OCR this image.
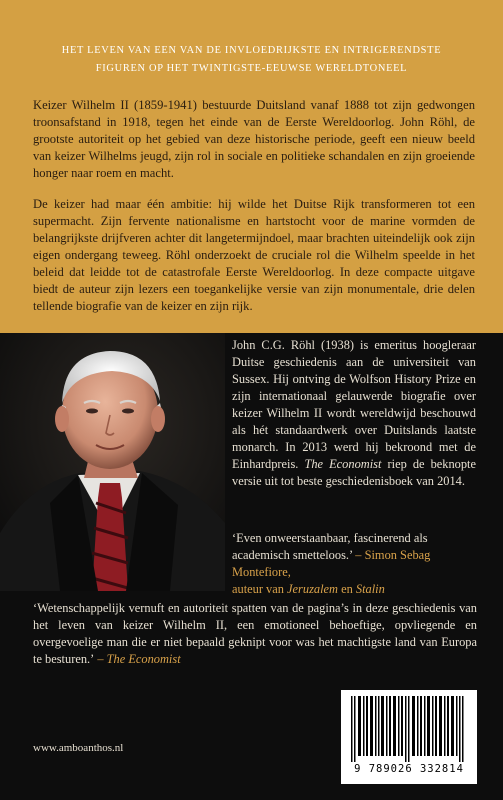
HET LEVEN VAN EEN VAN DE INVLOEDRIJKSTE EN INTRIGERENDSTE
FIGUREN OP HET TWINTIGSTE-EEUWSE WERELDTONEEL
Keizer Wilhelm II (1859-1941) bestuurde Duitsland vanaf 1888 tot zijn gedwongen troonsafstand in 1918, tegen het einde van de Eerste Wereldoorlog. John Röhl, de grootste autoriteit op het gebied van deze historische periode, geeft een nieuw beeld van keizer Wilhelms jeugd, zijn rol in sociale en politieke schandalen en zijn groeiende honger naar roem en macht.
De keizer had maar één ambitie: hij wilde het Duitse Rijk transformeren tot een supermacht. Zijn fervente nationalisme en hartstocht voor de marine vormden de belangrijkste drijfveren achter dit langetermijndoel, maar brachten uiteindelijk ook zijn eigen ondergang teweeg. Röhl onderzoekt de cruciale rol die Wilhelm speelde in het beleid dat leidde tot de catastrofale Eerste Wereldoorlog. In deze compacte uitgave biedt de auteur zijn lezers een toegankelijke versie van zijn monumentale, drie delen tellende biografie van de keizer en zijn rijk.
John C.G. Röhl (1938) is emeritus hoogleraar Duitse geschiedenis aan de universiteit van Sussex. Hij ontving de Wolfson History Prize en zijn internationaal gelauwerde biografie over keizer Wilhelm II wordt wereldwijd beschouwd als hét standaardwerk over Duitslands laatste monarch. In 2013 werd hij bekroond met de Einhardpreis. The Economist riep de beknopte versie uit tot beste geschiedenisboek van 2014.
‘Even onweerstaanbaar, fascinerend als academisch smetteloos.’ – Simon Sebag Montefiore,
auteur van Jeruzalem en Stalin
‘Wetenschappelijk vernuft en autoriteit spatten van de pagina’s in deze geschiedenis van het leven van keizer Wilhelm II, een emotioneel behoeftige, opvliegende en overgevoelige man die er niet bepaald geknipt voor was het machtigste land van Europa te besturen.’ – The Economist
www.amboanthos.nl
9 789026 332814
